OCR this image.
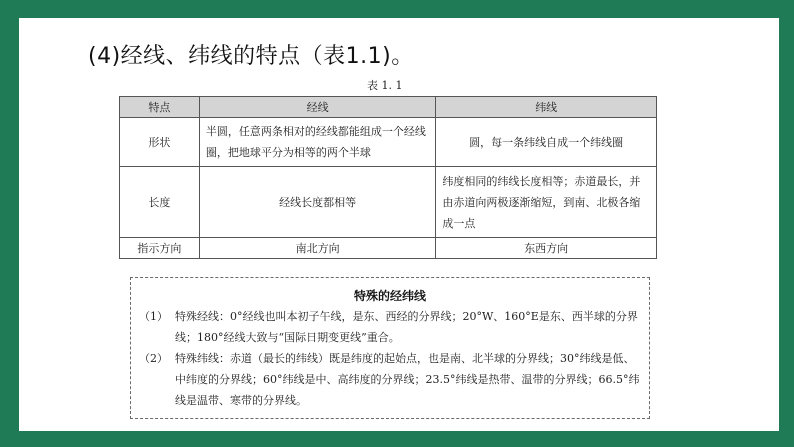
(4)经线、纬线的特点（表1.1)。
表 1. 1
特点	经线	纬线
形状	半圆，任意两条相对的经线都能组成一个经线圈，把地球平分为相等的两个半球	圆，每一条纬线自成一个纬线圈
长度	经线长度都相等	纬度相同的纬线长度相等；赤道最长，并由赤道向两极逐渐缩短，到南、北极各缩成一点
指示方向	南北方向	东西方向
特殊的经纬线
（1） 特殊经线：0°经线也叫本初子午线，是东、西经的分界线；20°W、160°E是东、西半球的分界线；180°经线大致与“国际日期变更线”重合。
（2） 特殊纬线：赤道（最长的纬线）既是纬度的起始点，也是南、北半球的分界线；30°纬线是低、中纬度的分界线；60°纬线是中、高纬度的分界线；23.5°纬线是热带、温带的分界线；66.5°纬线是温带、寒带的分界线。
